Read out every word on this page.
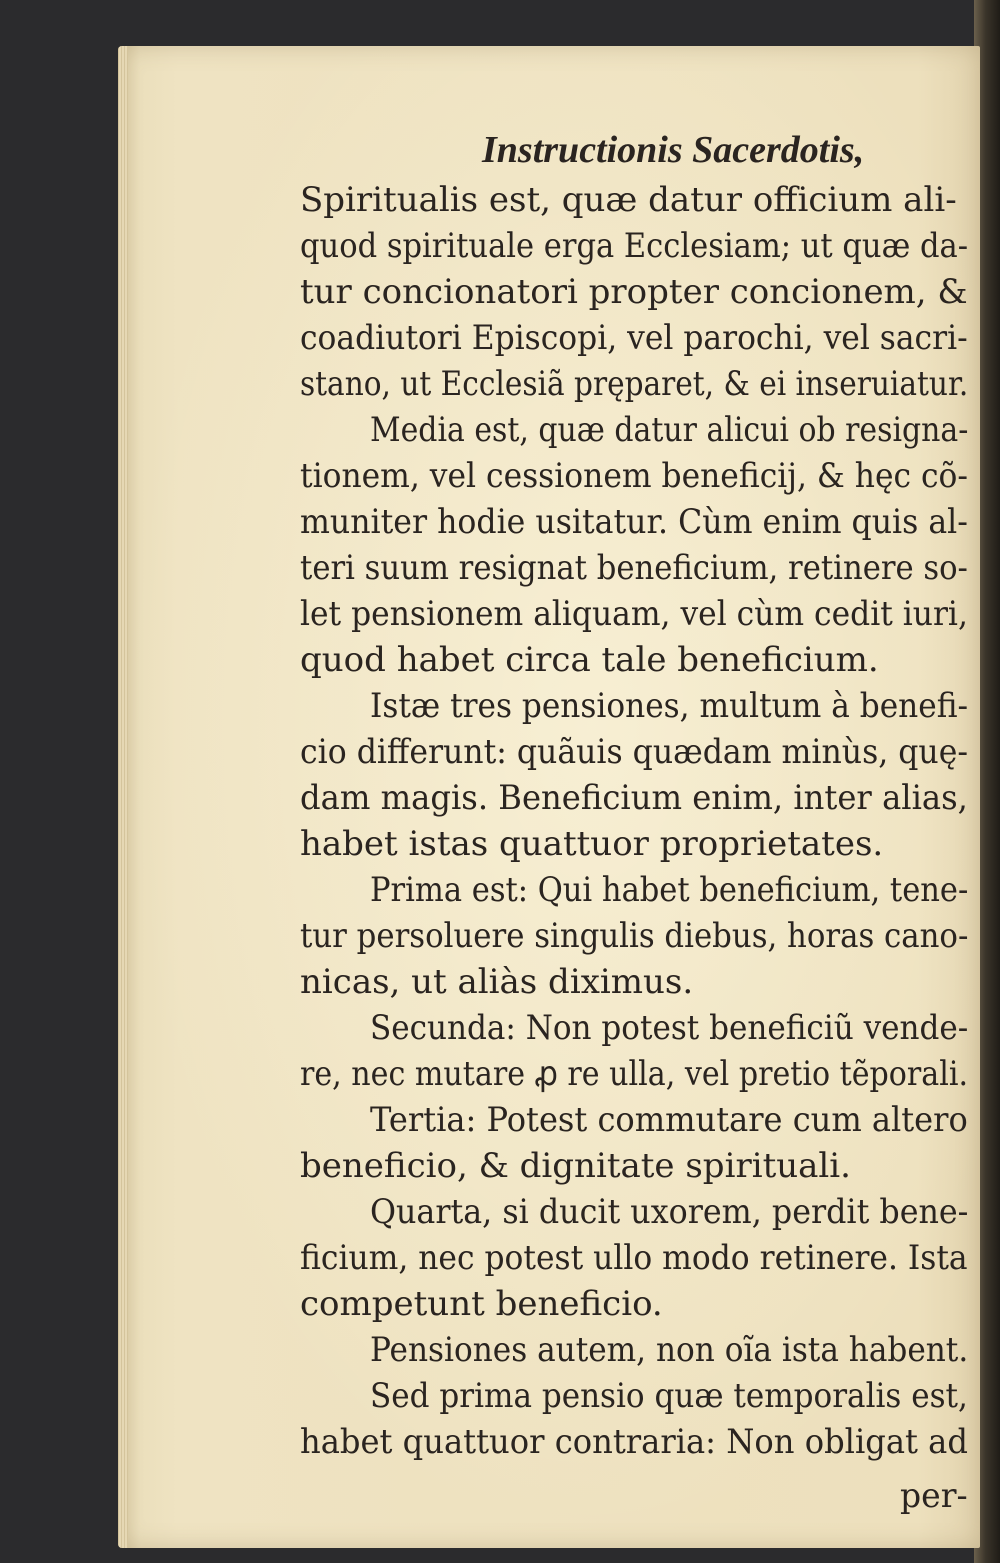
Instructionis Sacerdotis,
Spiritualis est, quæ datur officium ali-
quod spirituale erga Ecclesiam; ut quæ da-
tur concionatori propter concionem, &
coadiutori Episcopi, vel parochi, vel sacri-
stano, ut Ecclesiã pręparet, & ei inseruiatur.
Media est, quæ datur alicui ob resigna-
tionem, vel cessionem beneficij, & hęc cõ-
muniter hodie usitatur. Cùm enim quis al-
teri suum resignat beneficium, retinere so-
let pensionem aliquam, vel cùm cedit iuri,
quod habet circa tale beneficium.
Istæ tres pensiones, multum à benefi-
cio differunt: quãuis quædam minùs, quę-
dam magis. Beneficium enim, inter alias,
habet istas quattuor proprietates.
Prima est: Qui habet beneficium, tene-
tur persoluere singulis diebus, horas cano-
nicas, ut aliàs diximus.
Secunda: Non potest beneficiũ vende-
re, nec mutare ꝓ re ulla, vel pretio tẽporali.
Tertia: Potest commutare cum altero
beneficio, & dignitate spirituali.
Quarta, si ducit uxorem, perdit bene-
ficium, nec potest ullo modo retinere. Ista
competunt beneficio.
Pensiones autem, non oĩa ista habent.
Sed prima pensio quæ temporalis est,
habet quattuor contraria: Non obligat ad
per-
